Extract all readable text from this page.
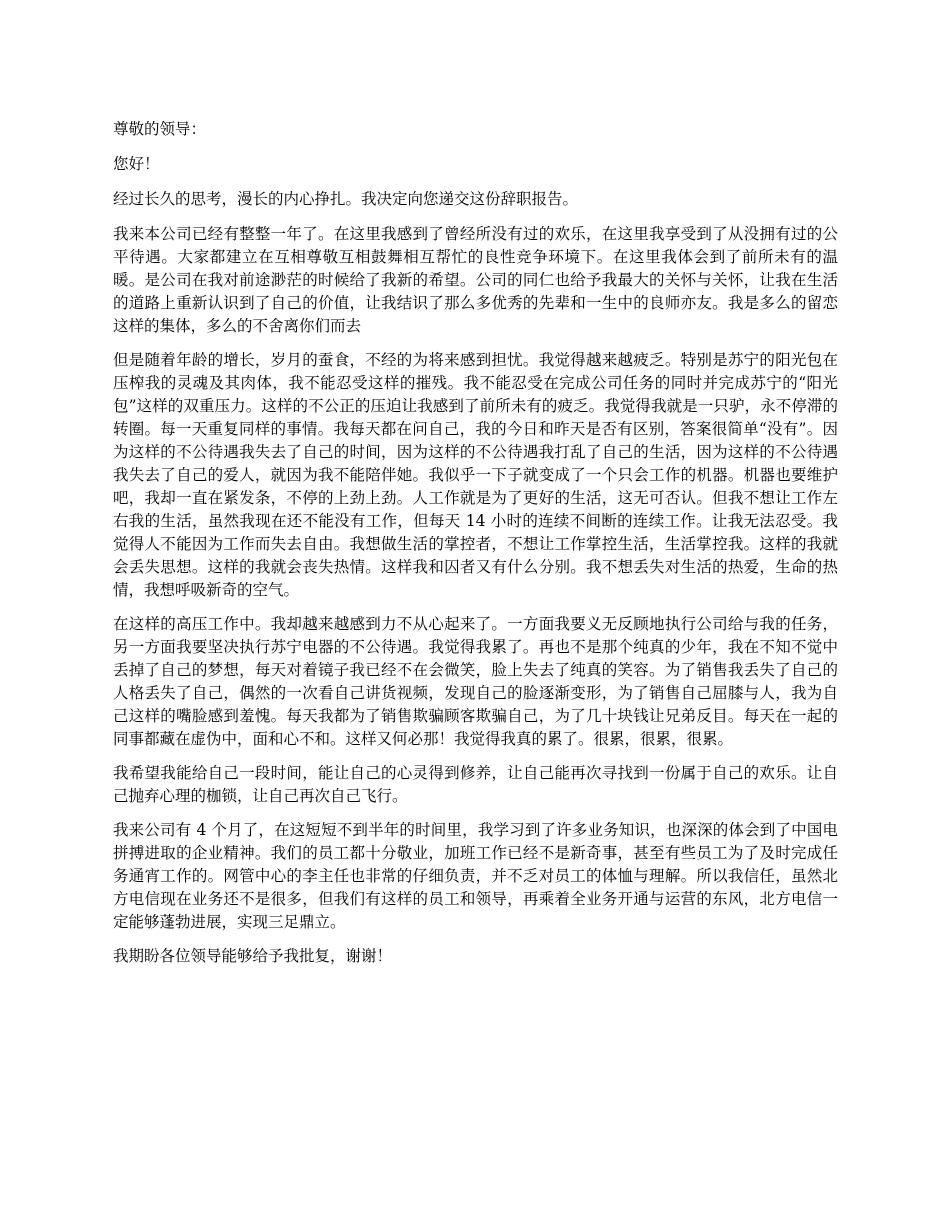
尊敬的领导：

您好！

经过长久的思考，漫长的内心挣扎。我决定向您递交这份辞职报告。

我来本公司已经有整整一年了。在这里我感到了曾经所没有过的欢乐，在这里我享受到了从没拥有过的公平待遇。大家都建立在互相尊敬互相鼓舞相互帮忙的良性竞争环境下。在这里我体会到了前所未有的温暖。是公司在我对前途渺茫的时候给了我新的希望。公司的同仁也给予我最大的关怀与关怀，让我在生活的道路上重新认识到了自己的价值，让我结识了那么多优秀的先辈和一生中的良师亦友。我是多么的留恋这样的集体，多么的不舍离你们而去

但是随着年龄的增长，岁月的蚕食，不经的为将来感到担忧。我觉得越来越疲乏。特别是苏宁的阳光包在压榨我的灵魂及其肉体，我不能忍受这样的摧残。我不能忍受在完成公司任务的同时并完成苏宁的“阳光包”这样的双重压力。这样的不公正的压迫让我感到了前所未有的疲乏。我觉得我就是一只驴，永不停滞的转圈。每一天重复同样的事情。我每天都在问自己，我的今日和昨天是否有区别，答案很简单“没有”。因为这样的不公待遇我失去了自己的时间，因为这样的不公待遇我打乱了自己的生活，因为这样的不公待遇我失去了自己的爱人，就因为我不能陪伴她。我似乎一下子就变成了一个只会工作的机器。机器也要维护吧，我却一直在紧发条，不停的上劲上劲。人工作就是为了更好的生活，这无可否认。但我不想让工作左右我的生活，虽然我现在还不能没有工作，但每天 14 小时的连续不间断的连续工作。让我无法忍受。我觉得人不能因为工作而失去自由。我想做生活的掌控者，不想让工作掌控生活，生活掌控我。这样的我就会丢失思想。这样的我就会丧失热情。这样我和囚者又有什么分别。我不想丢失对生活的热爱，生命的热情，我想呼吸新奇的空气。

在这样的高压工作中。我却越来越感到力不从心起来了。一方面我要义无反顾地执行公司给与我的任务，另一方面我要坚决执行苏宁电器的不公待遇。我觉得我累了。再也不是那个纯真的少年，我在不知不觉中丢掉了自己的梦想，每天对着镜子我已经不在会微笑，脸上失去了纯真的笑容。为了销售我丢失了自己的人格丢失了自己，偶然的一次看自己讲货视频，发现自己的脸逐渐变形，为了销售自己屈膝与人，我为自己这样的嘴脸感到羞愧。每天我都为了销售欺骗顾客欺骗自己，为了几十块钱让兄弟反目。每天在一起的同事都藏在虚伪中，面和心不和。这样又何必那！我觉得我真的累了。很累，很累，很累。

我希望我能给自己一段时间，能让自己的心灵得到修养，让自己能再次寻找到一份属于自己的欢乐。让自己抛弃心理的枷锁，让自己再次自己飞行。

我来公司有 4 个月了，在这短短不到半年的时间里，我学习到了许多业务知识，也深深的体会到了中国电拼搏进取的企业精神。我们的员工都十分敬业，加班工作已经不是新奇事，甚至有些员工为了及时完成任务通宵工作的。网管中心的李主任也非常的仔细负责，并不乏对员工的体恤与理解。所以我信任，虽然北方电信现在业务还不是很多，但我们有这样的员工和领导，再乘着全业务开通与运营的东风，北方电信一定能够蓬勃进展，实现三足鼎立。

我期盼各位领导能够给予我批复，谢谢！
